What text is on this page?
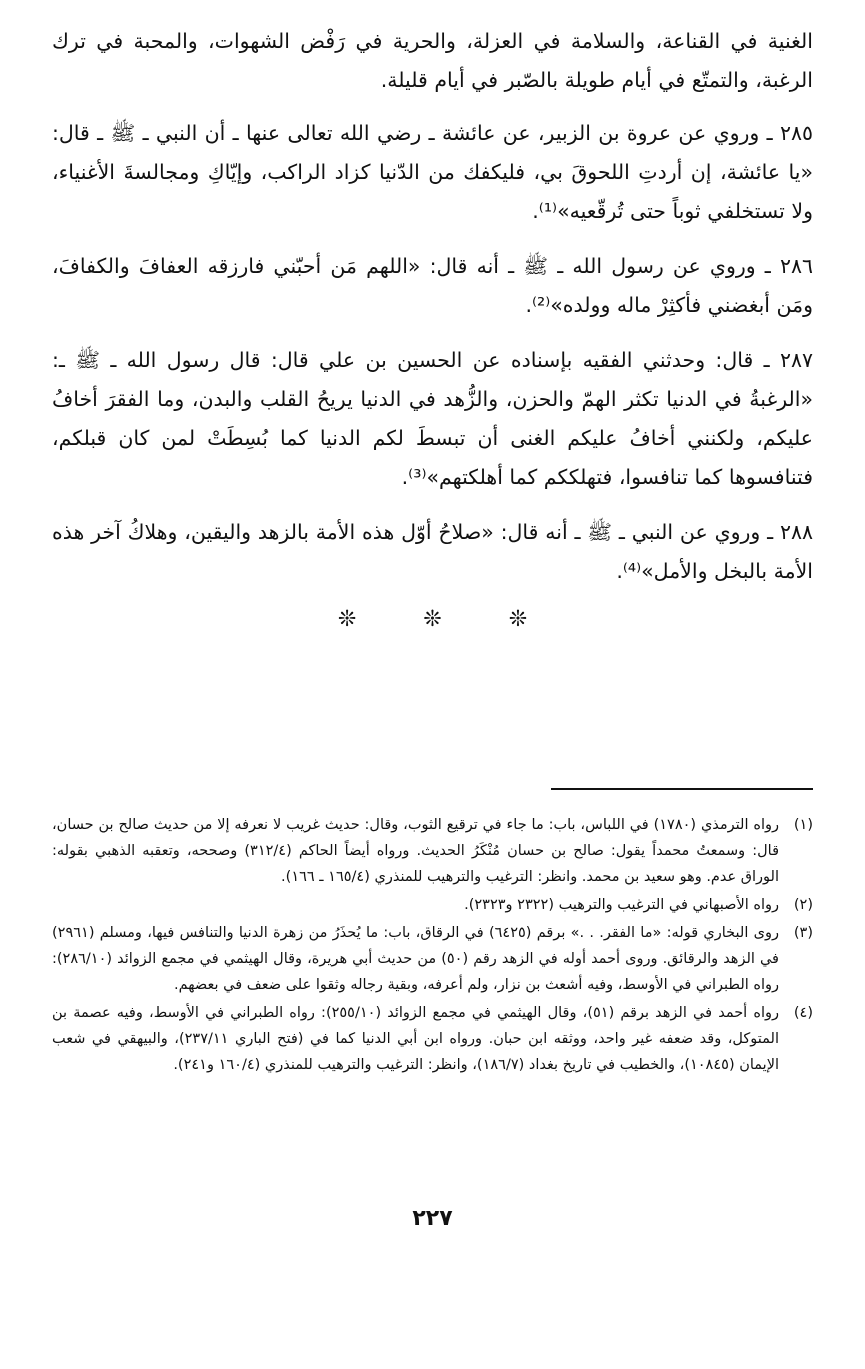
الغنية في القناعة، والسلامة في العزلة، والحرية في رَفْض الشهوات، والمحبة في ترك الرغبة، والتمتّع في أيام طويلة بالصّبر في أيام قليلة.

٢٨٥ ـ وروي عن عروة بن الزبير، عن عائشة ـ رضي الله تعالى عنها ـ أن النبي ـ ﷺ ـ قال: «يا عائشة، إن أردتِ اللحوقَ بي، فليكفك من الدّنيا كزاد الراكب، وإيّاكِ ومجالسةَ الأغنياء، ولا تستخلفي ثوباً حتى تُرقّعيه»⁽¹⁾.

٢٨٦ ـ وروي عن رسول الله ـ ﷺ ـ أنه قال: «اللهم مَن أحبّني فارزقه العفافَ والكفافَ، ومَن أبغضني فأكثِرْ ماله وولده»⁽²⁾.

٢٨٧ ـ قال: وحدثني الفقيه بإسناده عن الحسين بن علي قال: قال رسول الله ـ ﷺ ـ: «الرغبةُ في الدنيا تكثر الهمّ والحزن، والزُّهد في الدنيا يريحُ القلب والبدن، وما الفقرَ أخافُ عليكم، ولكنني أخافُ عليكم الغنى أن تبسطَ لكم الدنيا كما بُسِطَتْ لمن كان قبلكم، فتنافسوها كما تنافسوا، فتهلككم كما أهلكتهم»⁽³⁾.

٢٨٨ ـ وروي عن النبي ـ ﷺ ـ أنه قال: «صلاحُ أوّل هذه الأمة بالزهد واليقين، وهلاكُ آخر هذه الأمة بالبخل والأمل»⁽⁴⁾.

❊ ❊ ❊
(١)
رواه الترمذي (١٧٨٠) في اللباس، باب: ما جاء في ترقيع الثوب، وقال: حديث غريب لا نعرفه إلا من حديث صالح بن حسان، قال: وسمعتُ محمداً يقول: صالح بن حسان مُنْكَرُ الحديث. ورواه أيضاً الحاكم (٣١٢/٤) وصححه، وتعقبه الذهبي بقوله: الوراق عدم. وهو سعيد بن محمد. وانظر: الترغيب والترهيب للمنذري (١٦٥/٤ ـ ١٦٦).
(٢)
رواه الأصبهاني في الترغيب والترهيب (٢٣٢٢ و٢٣٢٣).
(٣)
روى البخاري قوله: «ما الفقر. . .» برقم (٦٤٢٥) في الرقاق، باب: ما يُحذَرُ من زهرة الدنيا والتنافس فيها، ومسلم (٢٩٦١) في الزهد والرقائق. وروى أحمد أوله في الزهد رقم (٥٠) من حديث أبي هريرة، وقال الهيثمي في مجمع الزوائد (٢٨٦/١٠): رواه الطبراني في الأوسط، وفيه أشعث بن نزار، ولم أعرفه، وبقية رجاله وثقوا على ضعف في بعضهم.
(٤)
رواه أحمد في الزهد برقم (٥١)، وقال الهيثمي في مجمع الزوائد (٢٥٥/١٠): رواه الطبراني في الأوسط، وفيه عصمة بن المتوكل، وقد ضعفه غير واحد، ووثقه ابن حبان. ورواه ابن أبي الدنيا كما في (فتح الباري ٢٣٧/١١)، والبيهقي في شعب الإيمان (١٠٨٤٥)، والخطيب في تاريخ بغداد (١٨٦/٧)، وانظر: الترغيب والترهيب للمنذري (١٦٠/٤ و٢٤١).
٢٢٧
